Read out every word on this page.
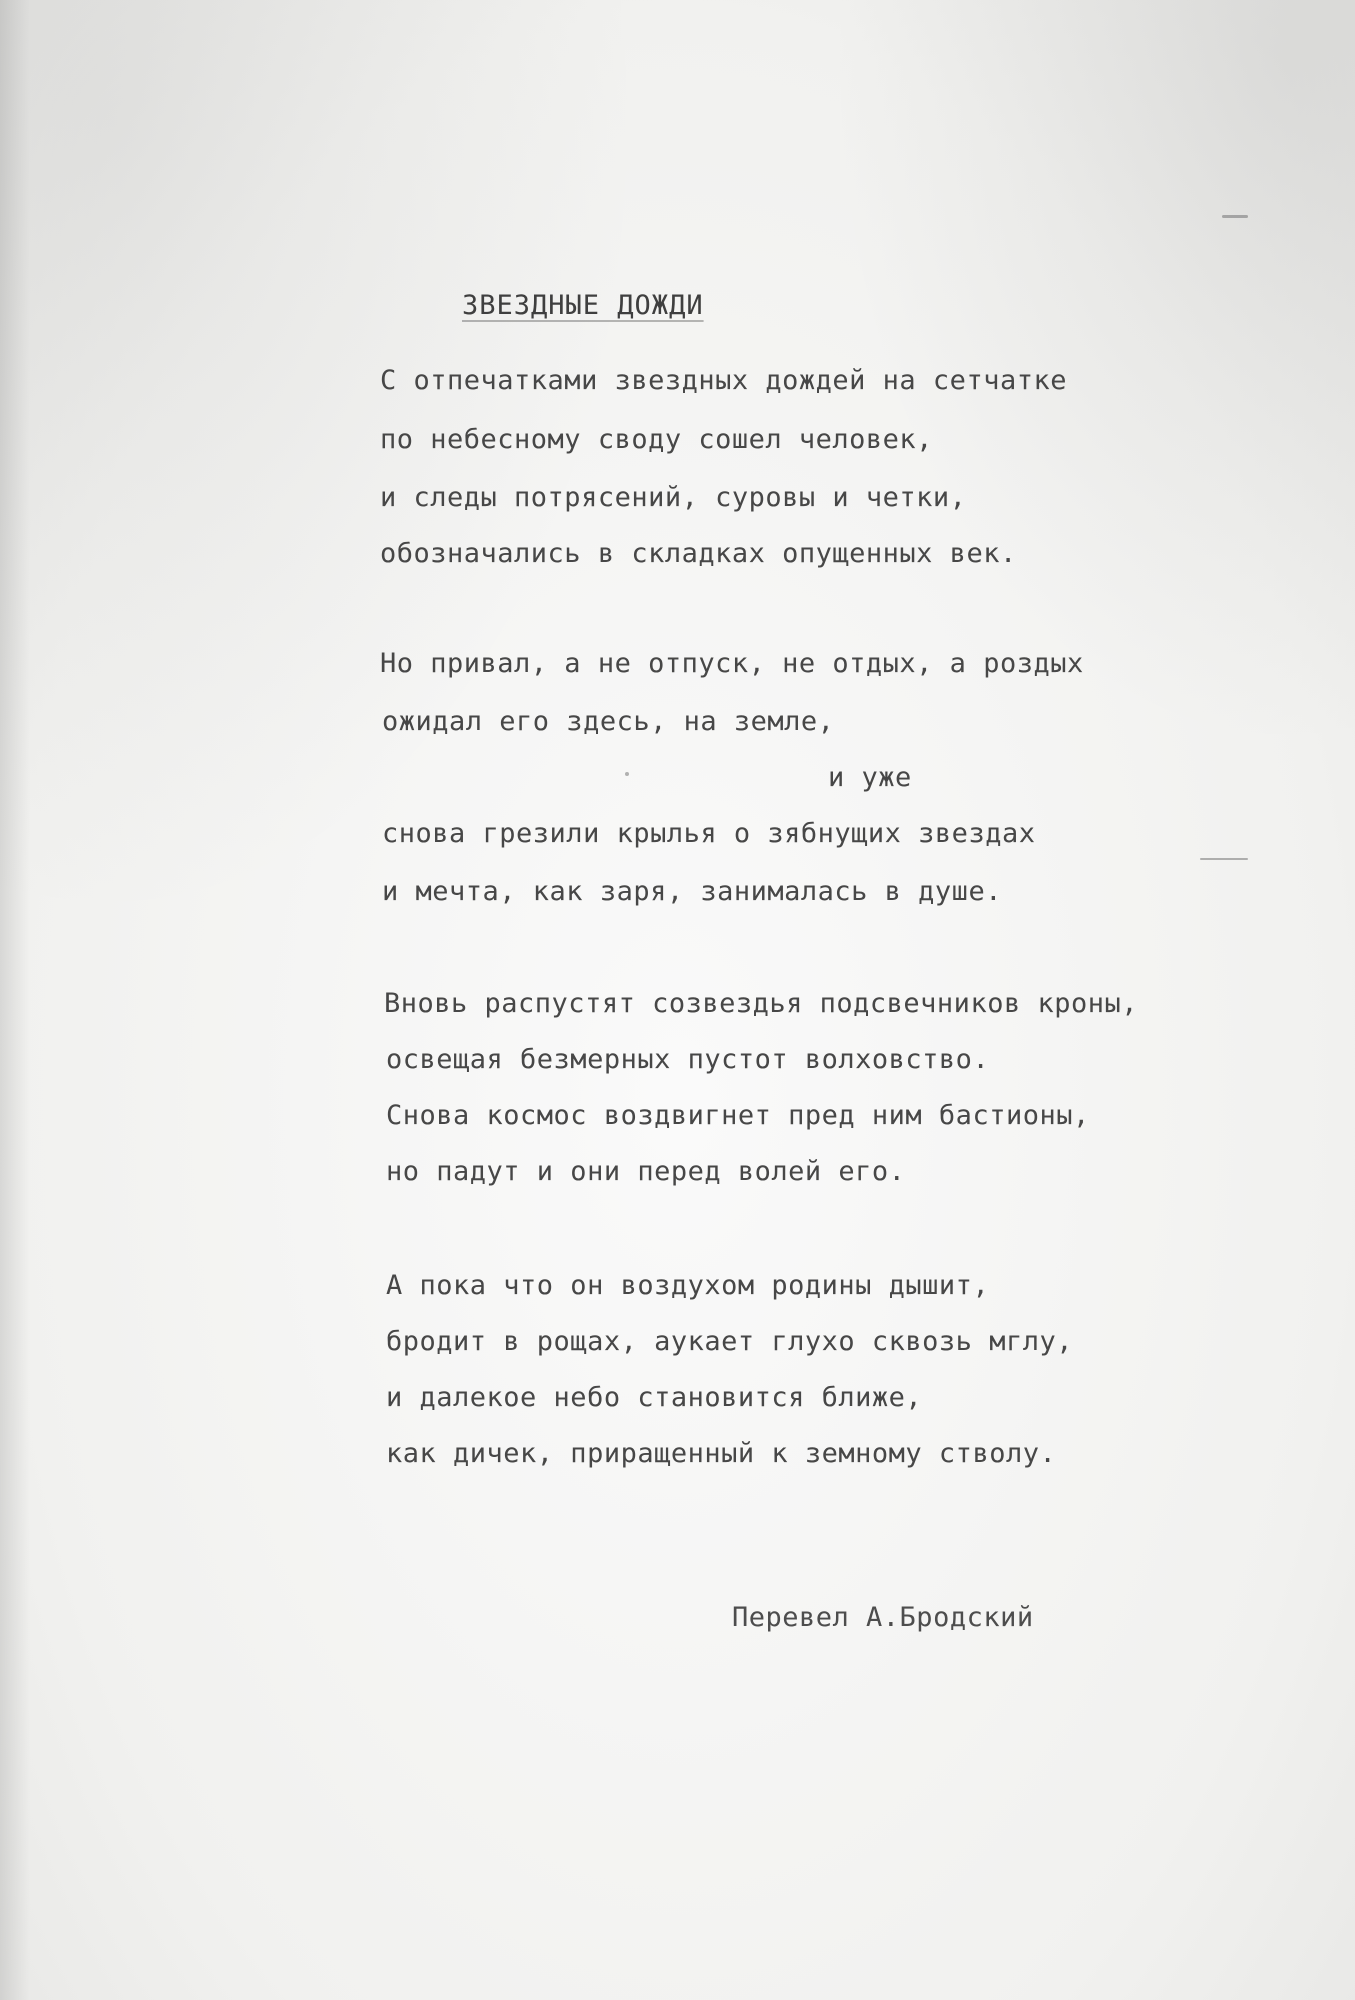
ЗВЕЗДНЫЕ ДОЖДИ
С отпечатками звездных дождей на сетчатке
по небесному своду сошел человек,
и следы потрясений, суровы и четки,
обозначались в складках опущенных век.
Но привал, а не отпуск, не отдых, а роздых
ожидал его здесь, на земле,
и уже
снова грезили крылья о зябнущих звездах
и мечта, как заря, занималась в душе.
Вновь распустят созвездья подсвечников кроны,
освещая безмерных пустот волховство.
Снова космос воздвигнет пред ним бастионы,
но падут и они перед волей его.
А пока что он воздухом родины дышит,
бродит в рощах, аукает глухо сквозь мглу,
и далекое небо становится ближе,
как дичек, приращенный к земному стволу.
Перевел А.Бродский
